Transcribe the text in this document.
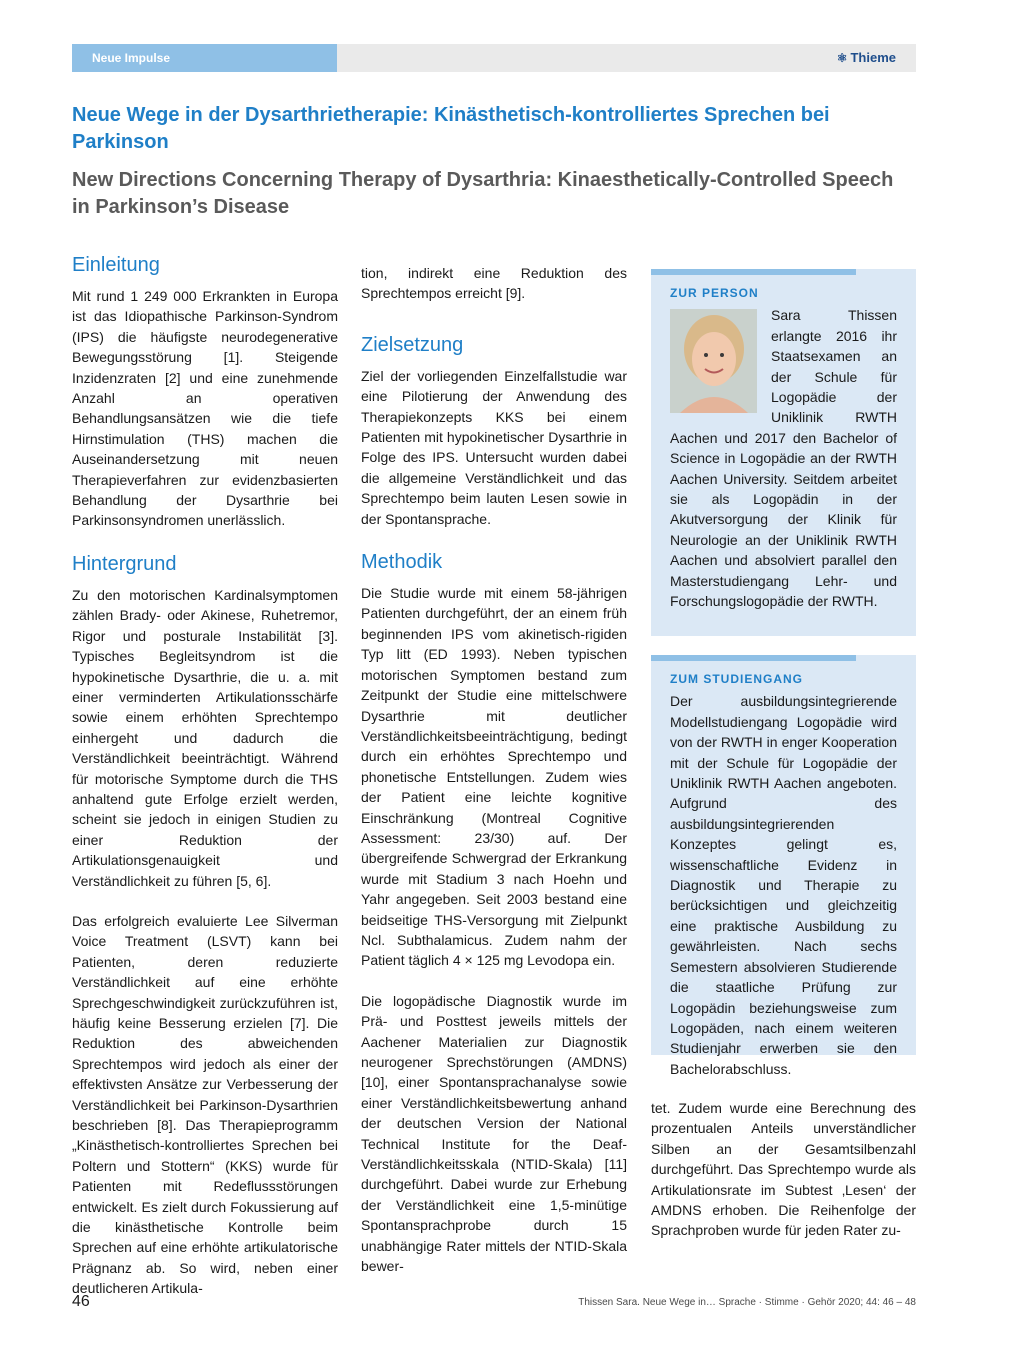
Neue Impulse	⚛ Thieme
Neue Wege in der Dysarthrietherapie: Kinästhetisch-kontrolliertes Sprechen bei Parkinson
New Directions Concerning Therapy of Dysarthria: Kinaesthetically-Controlled Speech in Parkinson’s Disease
Einleitung

Mit rund 1 249 000 Erkrankten in Europa ist das Idiopathische Parkinson-Syndrom (IPS) die häufigste neurodegenerative Bewegungsstörung [1]. Steigende Inzidenzraten [2] und eine zunehmende Anzahl an operativen Behandlungsansätzen wie die tiefe Hirnstimulation (THS) machen die Auseinandersetzung mit neuen Therapieverfahren zur evidenzbasierten Behandlung der Dysarthrie bei Parkinsonsyndromen unerlässlich.

Hintergrund

Zu den motorischen Kardinalsymptomen zählen Brady- oder Akinese, Ruhetremor, Rigor und posturale Instabilität [3]. Typisches Begleitsyndrom ist die hypokinetische Dysarthrie, die u. a. mit einer verminderten Artikulationsschärfe sowie einem erhöhten Sprechtempo einhergeht und dadurch die Verständlichkeit beeinträchtigt. Während für motorische Symptome durch die THS anhaltend gute Erfolge erzielt werden, scheint sie jedoch in einigen Studien zu einer Reduktion der Artikulationsgenauigkeit und Verständlichkeit zu führen [5, 6].

Das erfolgreich evaluierte Lee Silverman Voice Treatment (LSVT) kann bei Patienten, deren reduzierte Verständlichkeit auf eine erhöhte Sprechgeschwindigkeit zurückzuführen ist, häufig keine Besserung erzielen [7]. Die Reduktion des abweichenden Sprechtempos wird jedoch als einer der effektivsten Ansätze zur Verbesserung der Verständlichkeit bei Parkinson-Dysarthrien beschrieben [8]. Das Therapieprogramm „Kinästhetisch-kontrolliertes Sprechen bei Poltern und Stottern“ (KKS) wurde für Patienten mit Redeflussstörungen entwickelt. Es zielt durch Fokussierung auf die kinästhetische Kontrolle beim Sprechen auf eine erhöhte artikulatorische Prägnanz ab. So wird, neben einer deutlicheren Artikula-

tion, indirekt eine Reduktion des Sprechtempos erreicht [9].

Zielsetzung

Ziel der vorliegenden Einzelfallstudie war eine Pilotierung der Anwendung des Therapiekonzepts KKS bei einem Patienten mit hypokinetischer Dysarthrie in Folge des IPS. Untersucht wurden dabei die allgemeine Verständlichkeit und das Sprechtempo beim lauten Lesen sowie in der Spontansprache.

Methodik

Die Studie wurde mit einem 58-jährigen Patienten durchgeführt, der an einem früh beginnenden IPS vom akinetisch-rigiden Typ litt (ED 1993). Neben typischen motorischen Symptomen bestand zum Zeitpunkt der Studie eine mittelschwere Dysarthrie mit deutlicher Verständlichkeitsbeeinträchtigung, bedingt durch ein erhöhtes Sprechtempo und phonetische Entstellungen. Zudem wies der Patient eine leichte kognitive Einschränkung (Montreal Cognitive Assessment: 23/30) auf. Der übergreifende Schwergrad der Erkrankung wurde mit Stadium 3 nach Hoehn und Yahr angegeben. Seit 2003 bestand eine beidseitige THS-Versorgung mit Zielpunkt Ncl. Subthalamicus. Zudem nahm der Patient täglich 4 × 125 mg Levodopa ein.

Die logopädische Diagnostik wurde im Prä- und Posttest jeweils mittels der Aachener Materialien zur Diagnostik neurogener Sprechstörungen (AMDNS) [10], einer Spontansprachanalyse sowie einer Verständlichkeitsbewertung anhand der deutschen Version der National Technical Institute for the Deaf-Verständlichkeitsskala (NTID-Skala) [11] durchgeführt. Dabei wurde zur Erhebung der Verständlichkeit eine 1,5-minütige Spontansprachprobe durch 15 unabhängige Rater mittels der NTID-Skala bewer-

ZUR PERSON

Sara Thissen erlangte 2016 ihr Staatsexamen an der Schule für Logopädie der Uniklinik RWTH Aachen und 2017 den Bachelor of Science in Logopädie an der RWTH Aachen University. Seitdem arbeitet sie als Logopädin in der Akutversorgung der Klinik für Neurologie an der Uniklinik RWTH Aachen und absolviert parallel den Masterstudiengang Lehr- und Forschungslogopädie der RWTH.

ZUM STUDIENGANG

Der ausbildungsintegrierende Modellstudiengang Logopädie wird von der RWTH in enger Kooperation mit der Schule für Logopädie der Uniklinik RWTH Aachen angeboten. Aufgrund des ausbildungsintegrierenden Konzeptes gelingt es, wissenschaftliche Evidenz in Diagnostik und Therapie zu berücksichtigen und gleichzeitig eine praktische Ausbildung zu gewährleisten. Nach sechs Semestern absolvieren Studierende die staatliche Prüfung zur Logopädin beziehungsweise zum Logopäden, nach einem weiteren Studienjahr erwerben sie den Bachelorabschluss.

tet. Zudem wurde eine Berechnung des prozentualen Anteils unverständlicher Silben an der Gesamtsilbenzahl durchgeführt. Das Sprechtempo wurde als Artikulationsrate im Subtest ‚Lesen‘ der AMDNS erhoben. Die Reihenfolge der Sprachproben wurde für jeden Rater zu-

46	Thissen Sara. Neue Wege in… Sprache · Stimme · Gehör 2020; 44: 46 – 48
